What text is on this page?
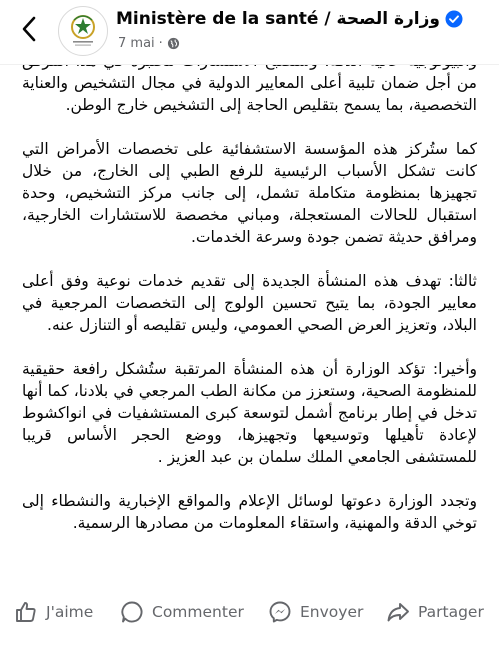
Ministère de la santé / وزارة الصحة
7 mai ·

من أجل ضمان تلبية أعلى المعايير الدولية في مجال التشخيص والعناية التخصصية، بما يسمح بتقليص الحاجة إلى التشخيص خارج الوطن.

كما ستُركز هذه المؤسسة الاستشفائية على تخصصات الأمراض التي كانت تشكل الأسباب الرئيسية للرفع الطبي إلى الخارج، من خلال تجهيزها بمنظومة متكاملة تشمل، إلى جانب مركز التشخيص، وحدة استقبال للحالات المستعجلة، ومباني مخصصة للاستشارات الخارجية، ومرافق حديثة تضمن جودة وسرعة الخدمات.

ثالثا: تهدف هذه المنشأة الجديدة إلى تقديم خدمات نوعية وفق أعلى معايير الجودة، بما يتيح تحسين الولوج إلى التخصصات المرجعية في البلاد، وتعزيز العرض الصحي العمومي، وليس تقليصه أو التنازل عنه.

وأخيرا: تؤكد الوزارة أن هذه المنشأة المرتقبة ستُشكل رافعة حقيقية للمنظومة الصحية، وستعزز من مكانة الطب المرجعي في بلادنا، كما أنها تدخل في إطار برنامج أشمل لتوسعة كبرى المستشفيات في انواكشوط لإعادة تأهيلها وتوسيعها وتجهيزها، ووضع الحجر الأساس قريبا للمستشفى الجامعي الملك سلمان بن عبد العزيز .

وتجدد الوزارة دعوتها لوسائل الإعلام والمواقع الإخبارية والنشطاء إلى توخي الدقة والمهنية، واستقاء المعلومات من مصادرها الرسمية.

J'aime	Commenter	Envoyer	Partager
